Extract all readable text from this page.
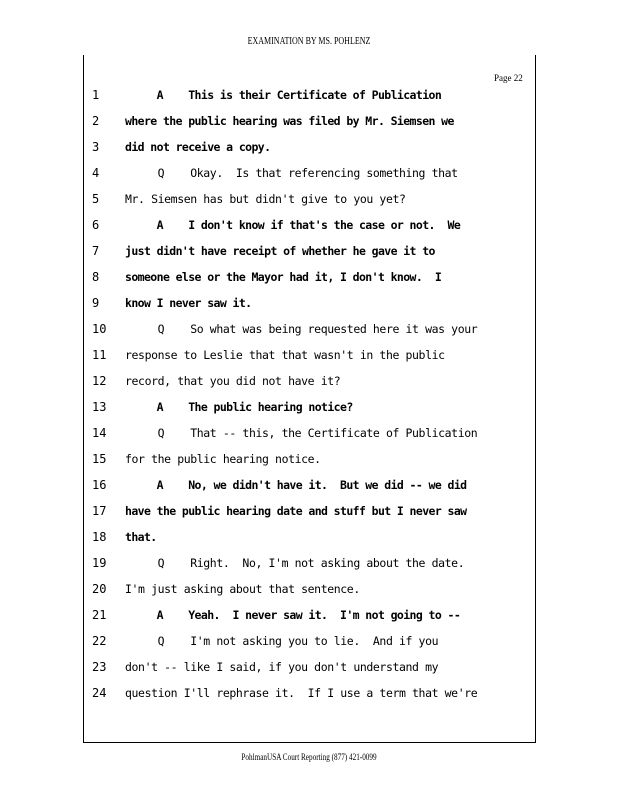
EXAMINATION BY MS. POHLENZ
Page 22
1	A    This is their Certificate of Publication
2	where the public hearing was filed by Mr. Siemsen we
3	did not receive a copy.
4	Q    Okay.  Is that referencing something that
5	Mr. Siemsen has but didn't give to you yet?
6	A    I don't know if that's the case or not.  We
7	just didn't have receipt of whether he gave it to
8	someone else or the Mayor had it, I don't know.  I
9	know I never saw it.
10	Q    So what was being requested here it was your
11	response to Leslie that that wasn't in the public
12	record, that you did not have it?
13	A    The public hearing notice?
14	Q    That -- this, the Certificate of Publication
15	for the public hearing notice.
16	A    No, we didn't have it.  But we did -- we did
17	have the public hearing date and stuff but I never saw
18	that.
19	Q    Right.  No, I'm not asking about the date.
20	I'm just asking about that sentence.
21	A    Yeah.  I never saw it.  I'm not going to --
22	Q    I'm not asking you to lie.  And if you
23	don't -- like I said, if you don't understand my
24	question I'll rephrase it.  If I use a term that we're
PohlmanUSA Court Reporting (877) 421-0099
